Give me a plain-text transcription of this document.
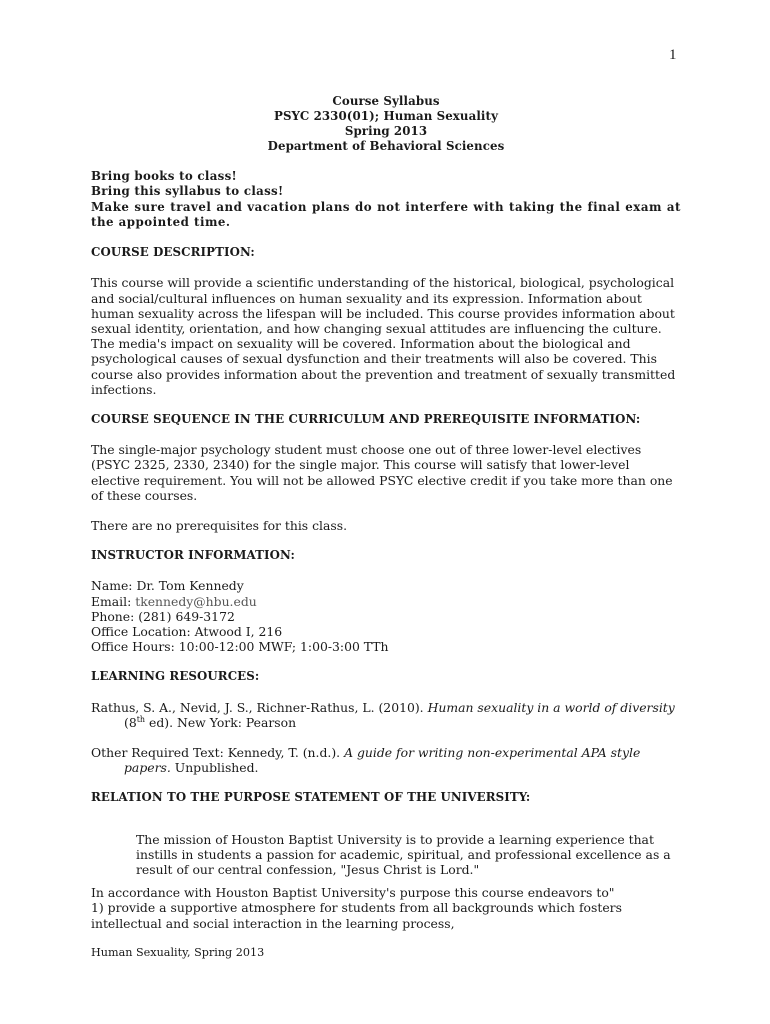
1
Course Syllabus
PSYC 2330(01); Human Sexuality
Spring 2013
Department of Behavioral Sciences
Bring books to class!
Bring this syllabus to class!
Make sure travel and vacation plans do not interfere with taking the final exam at the appointed time.
COURSE DESCRIPTION:
This course will provide a scientific understanding of the historical, biological, psychological and social/cultural influences on human sexuality and its expression. Information about human sexuality across the lifespan will be included. This course provides information about sexual identity, orientation, and how changing sexual attitudes are influencing the culture. The media's impact on sexuality will be covered. Information about the biological and psychological causes of sexual dysfunction and their treatments will also be covered. This course also provides information about the prevention and treatment of sexually transmitted infections.
COURSE SEQUENCE IN THE CURRICULUM AND PREREQUISITE INFORMATION:
The single-major psychology student must choose one out of three lower-level electives (PSYC 2325, 2330, 2340) for the single major. This course will satisfy that lower-level elective requirement. You will not be allowed PSYC elective credit if you take more than one of these courses.
There are no prerequisites for this class.
INSTRUCTOR INFORMATION:
Name: Dr. Tom Kennedy
Email: tkennedy@hbu.edu
Phone: (281) 649-3172
Office Location: Atwood I, 216
Office Hours: 10:00-12:00 MWF; 1:00-3:00 TTh
LEARNING RESOURCES:
Rathus, S. A., Nevid, J. S., Richner-Rathus, L. (2010). Human sexuality in a world of diversity (8th ed). New York: Pearson
Other Required Text: Kennedy, T. (n.d.). A guide for writing non-experimental APA style papers. Unpublished.
RELATION TO THE PURPOSE STATEMENT OF THE UNIVERSITY:
The mission of Houston Baptist University is to provide a learning experience that instills in students a passion for academic, spiritual, and professional excellence as a result of our central confession, "Jesus Christ is Lord."
In accordance with Houston Baptist University's purpose this course endeavors to"
1) provide a supportive atmosphere for students from all backgrounds which fosters intellectual and social interaction in the learning process,
Human Sexuality, Spring 2013
